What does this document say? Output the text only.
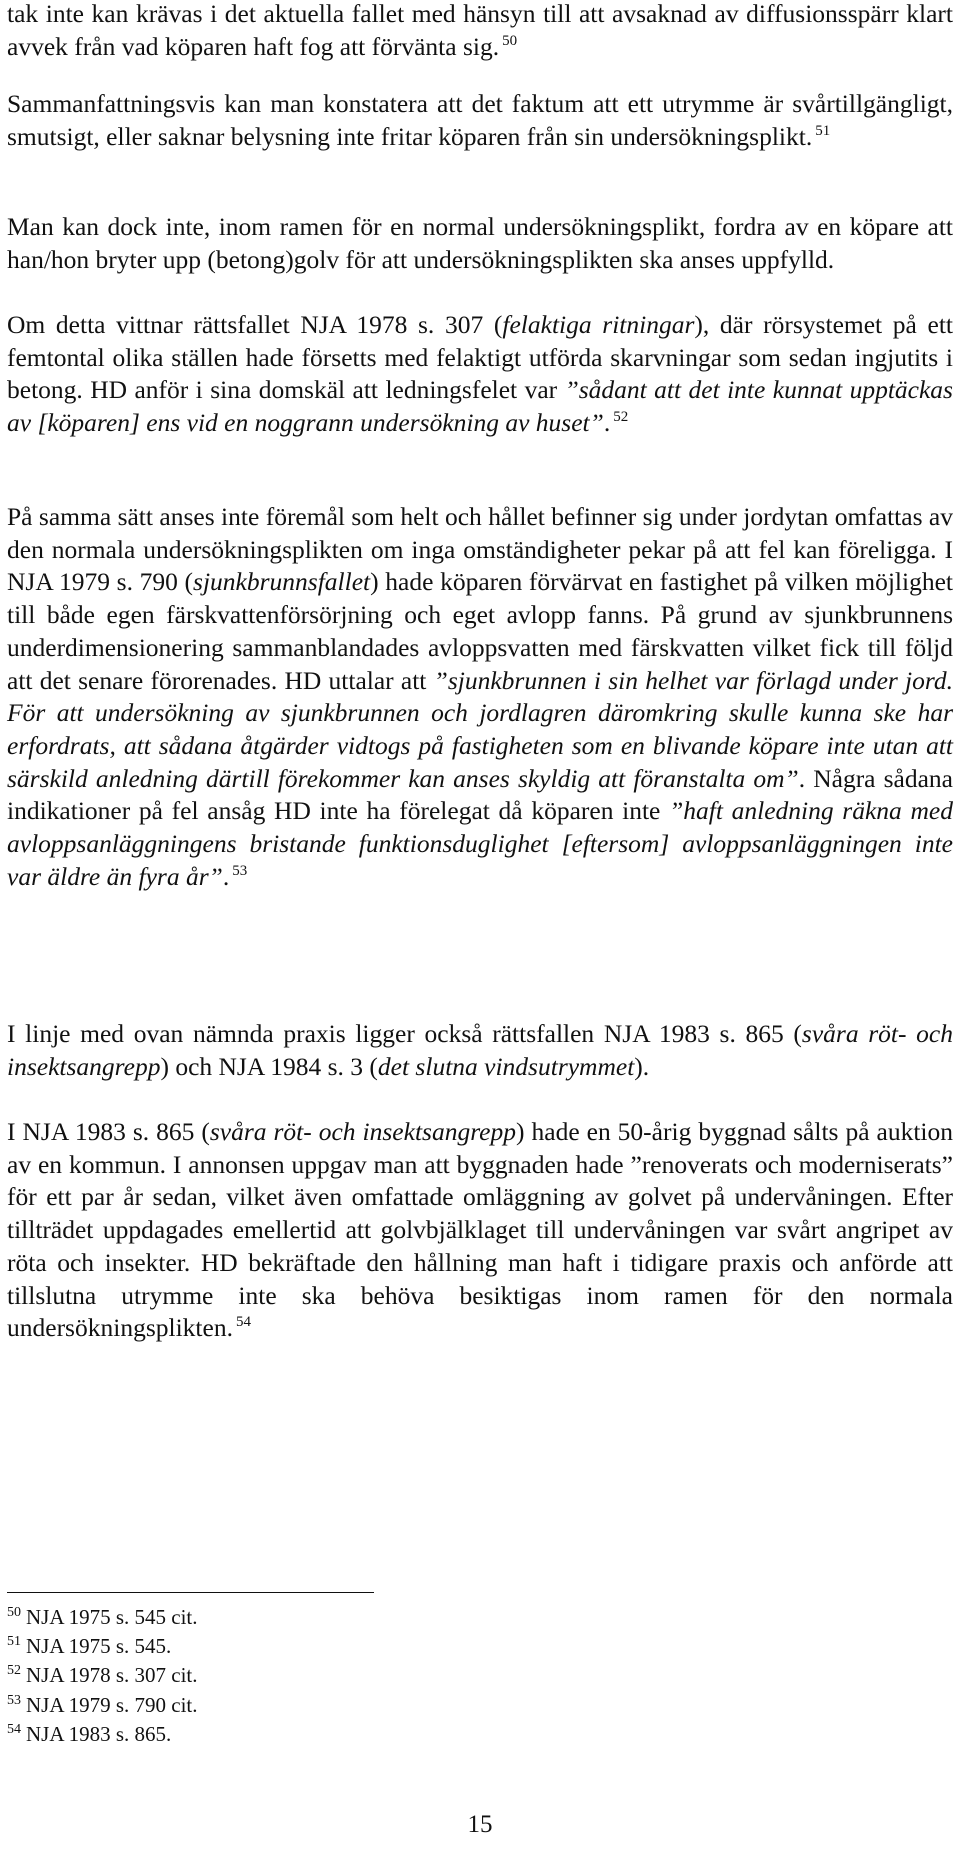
tak inte kan krävas i det aktuella fallet med hänsyn till att avsaknad av diffusionsspärr klart avvek från vad köparen haft fog att förvänta sig. $^{50}$

Sammanfattningsvis kan man konstatera att det faktum att ett utrymme är svårtillgängligt, smutsigt, eller saknar belysning inte fritar köparen från sin undersökningsplikt. $^{51}$

Man kan dock inte, inom ramen för en normal undersökningsplikt, fordra av en köpare att han/hon bryter upp (betong)golv för att undersökningsplikten ska anses uppfylld.

Om detta vittnar rättsfallet NJA 1978 s. 307 (felaktiga ritningar), där rörsystemet på ett femtontal olika ställen hade försetts med felaktigt utförda skarvningar som sedan ingjutits i betong. HD anför i sina domskäl att ledningsfelet var ”sådant att det inte kunnat upptäckas av [köparen] ens vid en noggrann undersökning av huset”. $^{52}$

På samma sätt anses inte föremål som helt och hållet befinner sig under jordytan omfattas av den normala undersökningsplikten om inga omständigheter pekar på att fel kan föreligga. I NJA 1979 s. 790 (sjunkbrunnsfallet) hade köparen förvärvat en fastighet på vilken möjlighet till både egen färskvattenförsörjning och eget avlopp fanns. På grund av sjunkbrunnens underdimensionering sammanblandades avloppsvatten med färskvatten vilket fick till följd att det senare förorenades. HD uttalar att ”sjunkbrunnen i sin helhet var förlagd under jord. För att undersökning av sjunkbrunnen och jordlagren däromkring skulle kunna ske har erfordrats, att sådana åtgärder vidtogs på fastigheten som en blivande köpare inte utan att särskild anledning därtill förekommer kan anses skyldig att föranstalta om”. Några sådana indikationer på fel ansåg HD inte ha förelegat då köparen inte ”haft anledning räkna med avloppsanläggningens bristande funktionsduglighet [eftersom] avloppsanläggningen inte var äldre än fyra år”. $^{53}$

I linje med ovan nämnda praxis ligger också rättsfallen NJA 1983 s. 865 (svåra röt- och insektsangrepp) och NJA 1984 s. 3 (det slutna vindsutrymmet).

I NJA 1983 s. 865 (svåra röt- och insektsangrepp) hade en 50-årig byggnad sålts på auktion av en kommun. I annonsen uppgav man att byggnaden hade ”renoverats och moderniserats” för ett par år sedan, vilket även omfattade omläggning av golvet på undervåningen. Efter tillträdet uppdagades emellertid att golvbjälklaget till undervåningen var svårt angripet av röta och insekter. HD bekräftade den hållning man haft i tidigare praxis och anförde att tillslutna utrymme inte ska behöva besiktigas inom ramen för den normala undersökningsplikten. $^{54}$

$^{50}$ NJA 1975 s. 545 cit.
$^{51}$ NJA 1975 s. 545.
$^{52}$ NJA 1978 s. 307 cit.
$^{53}$ NJA 1979 s. 790 cit.
$^{54}$ NJA 1983 s. 865.
15
